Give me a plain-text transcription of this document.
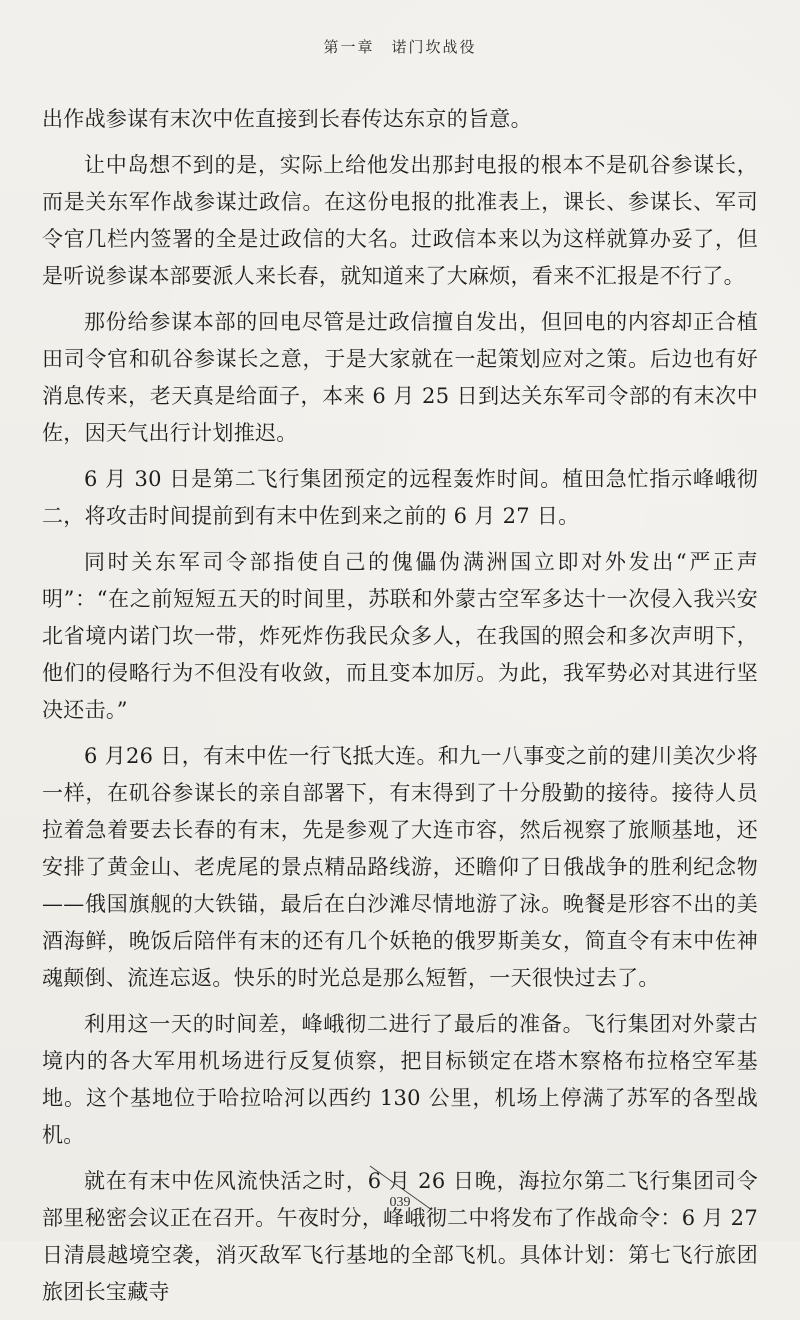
第一章　诺门坎战役

出作战参谋有末次中佐直接到长春传达东京的旨意。

让中岛想不到的是，实际上给他发出那封电报的根本不是矶谷参谋长，而是关东军作战参谋辻政信。在这份电报的批准表上，课长、参谋长、军司令官几栏内签署的全是辻政信的大名。辻政信本来以为这样就算办妥了，但是听说参谋本部要派人来长春，就知道来了大麻烦，看来不汇报是不行了。

那份给参谋本部的回电尽管是辻政信擅自发出，但回电的内容却正合植田司令官和矶谷参谋长之意，于是大家就在一起策划应对之策。后边也有好消息传来，老天真是给面子，本来 6 月 25 日到达关东军司令部的有末次中佐，因天气出行计划推迟。

6 月 30 日是第二飞行集团预定的远程轰炸时间。植田急忙指示峰峨彻二，将攻击时间提前到有末中佐到来之前的 6 月 27 日。

同时关东军司令部指使自己的傀儡伪满洲国立即对外发出“严正声明”：“在之前短短五天的时间里，苏联和外蒙古空军多达十一次侵入我兴安北省境内诺门坎一带，炸死炸伤我民众多人，在我国的照会和多次声明下，他们的侵略行为不但没有收敛，而且变本加厉。为此，我军势必对其进行坚决还击。”

6 月26 日，有末中佐一行飞抵大连。和九一八事变之前的建川美次少将一样，在矶谷参谋长的亲自部署下，有末得到了十分殷勤的接待。接待人员拉着急着要去长春的有末，先是参观了大连市容，然后视察了旅顺基地，还安排了黄金山、老虎尾的景点精品路线游，还瞻仰了日俄战争的胜利纪念物——俄国旗舰的大铁锚，最后在白沙滩尽情地游了泳。晚餐是形容不出的美酒海鲜，晚饭后陪伴有末的还有几个妖艳的俄罗斯美女，简直令有末中佐神魂颠倒、流连忘返。快乐的时光总是那么短暂，一天很快过去了。

利用这一天的时间差，峰峨彻二进行了最后的准备。飞行集团对外蒙古境内的各大军用机场进行反复侦察，把目标锁定在塔木察格布拉格空军基地。这个基地位于哈拉哈河以西约 130 公里，机场上停满了苏军的各型战机。

就在有末中佐风流快活之时，6 月 26 日晚，海拉尔第二飞行集团司令部里秘密会议正在召开。午夜时分，峰峨彻二中将发布了作战命令：6 月 27 日清晨越境空袭，消灭敌军飞行基地的全部飞机。具体计划：第七飞行旅团旅团长宝藏寺

039
